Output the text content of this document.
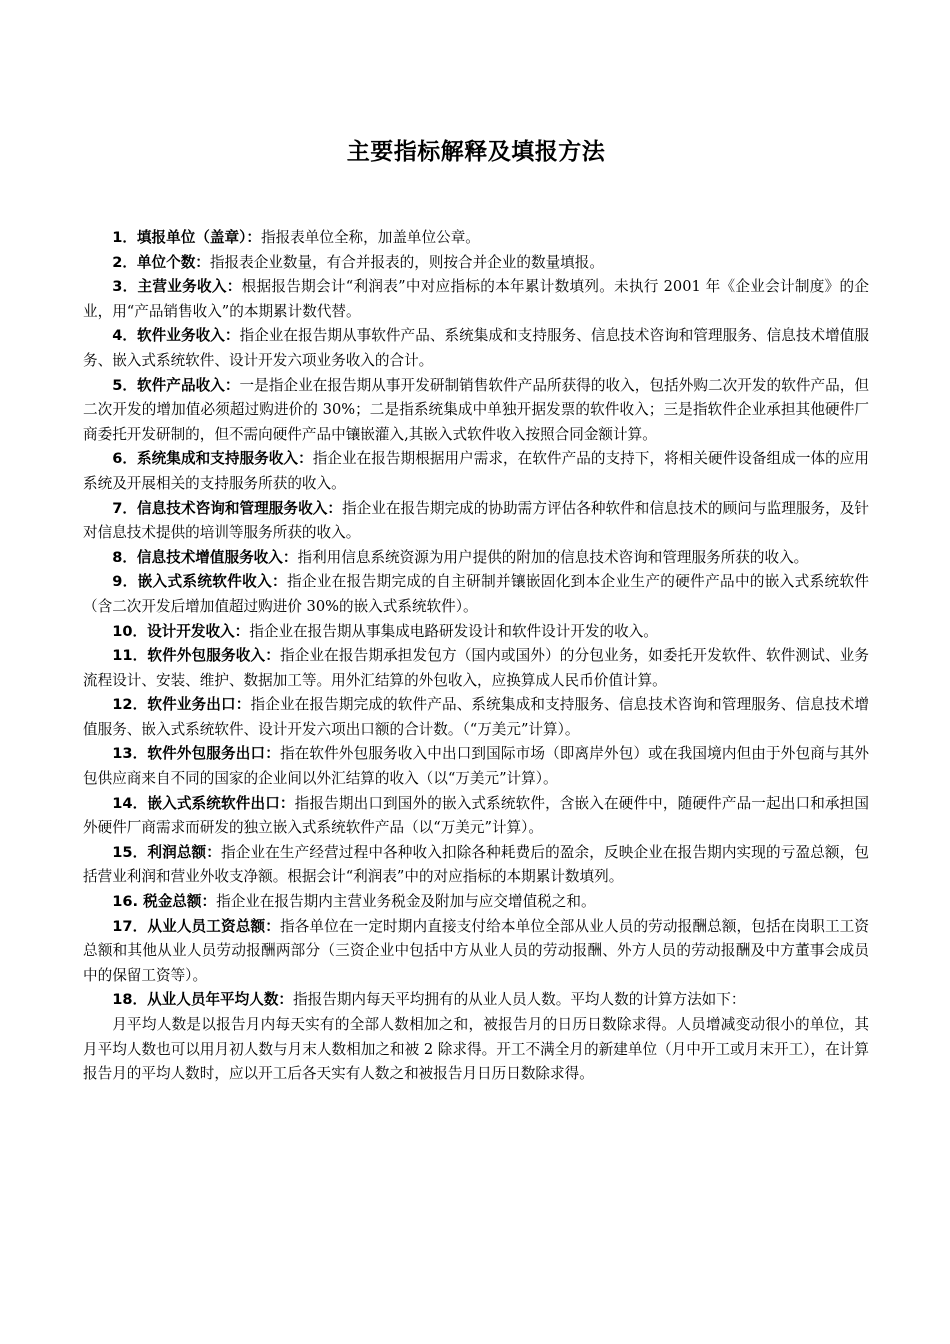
主要指标解释及填报方法

1．填报单位（盖章）：指报表单位全称，加盖单位公章。

2．单位个数：指报表企业数量，有合并报表的，则按合并企业的数量填报。

3．主营业务收入：根据报告期会计“利润表”中对应指标的本年累计数填列。未执行 2001 年《企业会计制度》的企业，用“产品销售收入”的本期累计数代替。

4．软件业务收入：指企业在报告期从事软件产品、系统集成和支持服务、信息技术咨询和管理服务、信息技术增值服务、嵌入式系统软件、设计开发六项业务收入的合计。

5．软件产品收入：一是指企业在报告期从事开发研制销售软件产品所获得的收入，包括外购二次开发的软件产品，但二次开发的增加值必须超过购进价的 30%；二是指系统集成中单独开据发票的软件收入；三是指软件企业承担其他硬件厂商委托开发研制的，但不需向硬件产品中镶嵌灌入,其嵌入式软件收入按照合同金额计算。

6．系统集成和支持服务收入：指企业在报告期根据用户需求，在软件产品的支持下，将相关硬件设备组成一体的应用系统及开展相关的支持服务所获的收入。

7．信息技术咨询和管理服务收入：指企业在报告期完成的协助需方评估各种软件和信息技术的顾问与监理服务，及针对信息技术提供的培训等服务所获的收入。

8．信息技术增值服务收入：指利用信息系统资源为用户提供的附加的信息技术咨询和管理服务所获的收入。

9．嵌入式系统软件收入：指企业在报告期完成的自主研制并镶嵌固化到本企业生产的硬件产品中的嵌入式系统软件（含二次开发后增加值超过购进价 30%的嵌入式系统软件）。

10．设计开发收入：指企业在报告期从事集成电路研发设计和软件设计开发的收入。

11．软件外包服务收入：指企业在报告期承担发包方（国内或国外）的分包业务，如委托开发软件、软件测试、业务流程设计、安装、维护、数据加工等。用外汇结算的外包收入，应换算成人民币价值计算。

12．软件业务出口：指企业在报告期完成的软件产品、系统集成和支持服务、信息技术咨询和管理服务、信息技术增值服务、嵌入式系统软件、设计开发六项出口额的合计数。（“万美元”计算）。

13．软件外包服务出口：指在软件外包服务收入中出口到国际市场（即离岸外包）或在我国境内但由于外包商与其外包供应商来自不同的国家的企业间以外汇结算的收入（以“万美元”计算）。

14．嵌入式系统软件出口：指报告期出口到国外的嵌入式系统软件，含嵌入在硬件中，随硬件产品一起出口和承担国外硬件厂商需求而研发的独立嵌入式系统软件产品（以“万美元”计算）。

15．利润总额：指企业在生产经营过程中各种收入扣除各种耗费后的盈余，反映企业在报告期内实现的亏盈总额，包括营业利润和营业外收支净额。根据会计“利润表”中的对应指标的本期累计数填列。

16. 税金总额：指企业在报告期内主营业务税金及附加与应交增值税之和。

17．从业人员工资总额：指各单位在一定时期内直接支付给本单位全部从业人员的劳动报酬总额，包括在岗职工工资总额和其他从业人员劳动报酬两部分（三资企业中包括中方从业人员的劳动报酬、外方人员的劳动报酬及中方董事会成员中的保留工资等）。

18．从业人员年平均人数：指报告期内每天平均拥有的从业人员人数。平均人数的计算方法如下：

月平均人数是以报告月内每天实有的全部人数相加之和，被报告月的日历日数除求得。人员增减变动很小的单位，其月平均人数也可以用月初人数与月末人数相加之和被 2 除求得。开工不满全月的新建单位（月中开工或月末开工），在计算报告月的平均人数时，应以开工后各天实有人数之和被报告月日历日数除求得。
